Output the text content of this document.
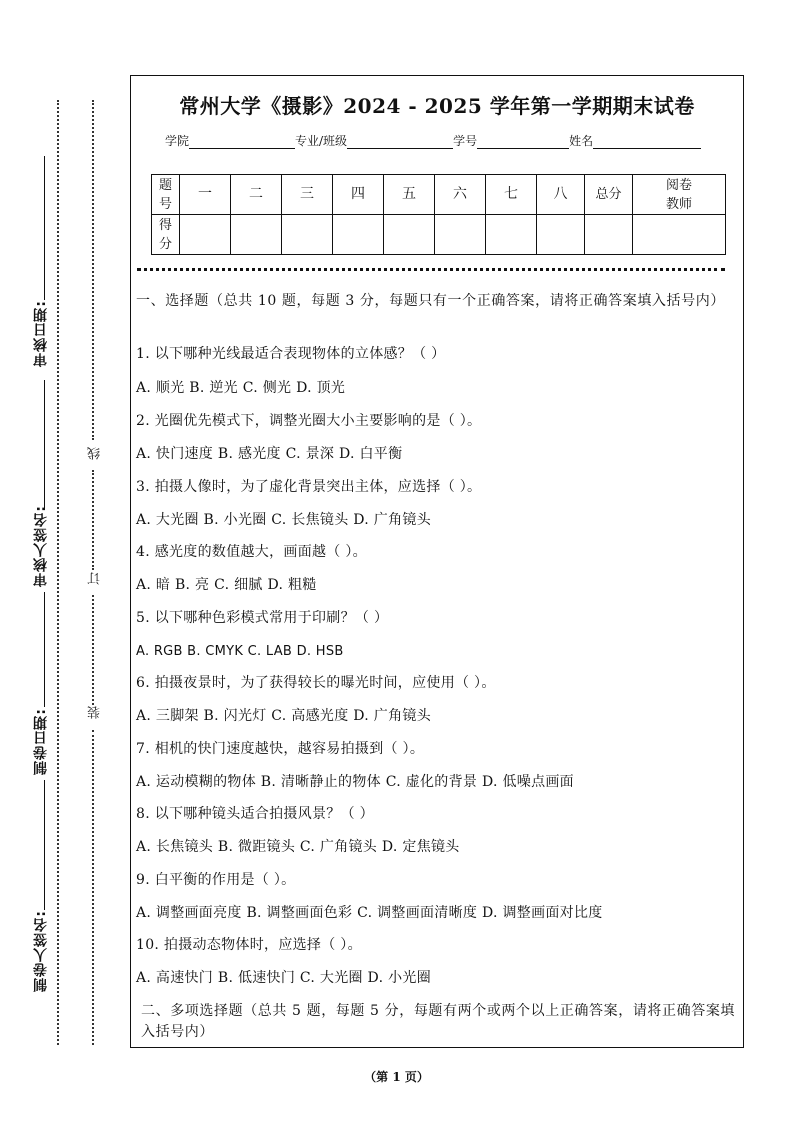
审核日期:
审核人签名:
制卷日期:
制卷人签名:
线
订
装
常州大学《摄影》2024 - 2025 学年第一学期期末试卷
学院	专业/班级	学号	姓名
题号	一	二	三	四	五	六	七	八	总分	阅卷教师
得分										
一、选择题（总共 10 题，每题 3 分，每题只有一个正确答案，请将正确答案填入括号内）
1. 以下哪种光线最适合表现物体的立体感？（ ）
A. 顺光 B. 逆光 C. 侧光 D. 顶光
2. 光圈优先模式下，调整光圈大小主要影响的是（ ）。
A. 快门速度 B. 感光度 C. 景深 D. 白平衡
3. 拍摄人像时，为了虚化背景突出主体，应选择（ ）。
A. 大光圈 B. 小光圈 C. 长焦镜头 D. 广角镜头
4. 感光度的数值越大，画面越（ ）。
A. 暗 B. 亮 C. 细腻 D. 粗糙
5. 以下哪种色彩模式常用于印刷？（ ）
A. RGB B. CMYK C. LAB D. HSB
6. 拍摄夜景时，为了获得较长的曝光时间，应使用（ ）。
A. 三脚架 B. 闪光灯 C. 高感光度 D. 广角镜头
7. 相机的快门速度越快，越容易拍摄到（ ）。
A. 运动模糊的物体 B. 清晰静止的物体 C. 虚化的背景 D. 低噪点画面
8. 以下哪种镜头适合拍摄风景？（ ）
A. 长焦镜头 B. 微距镜头 C. 广角镜头 D. 定焦镜头
9. 白平衡的作用是（ ）。
A. 调整画面亮度 B. 调整画面色彩 C. 调整画面清晰度 D. 调整画面对比度
10. 拍摄动态物体时，应选择（ ）。
A. 高速快门 B. 低速快门 C. 大光圈 D. 小光圈
二、多项选择题（总共 5 题，每题 5 分，每题有两个或两个以上正确答案，请将正确答案填入括号内）
（第 1 页）
